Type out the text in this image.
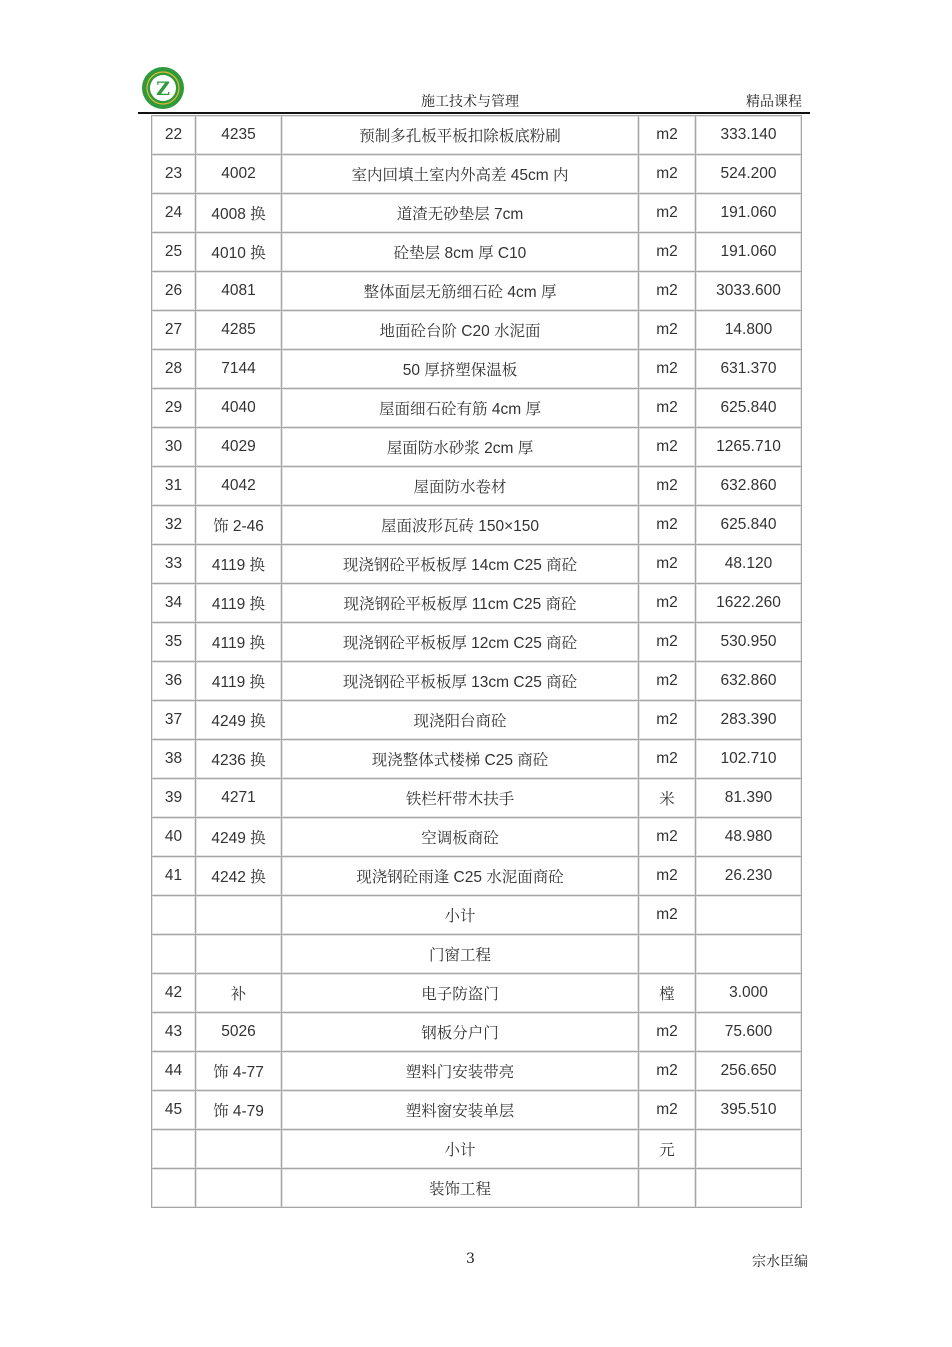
Z
施工技术与管理	精品课程
22	4235	预制多孔板平板扣除板底粉刷	m2	333.140
23	4002	室内回填土室内外高差 45cm 内	m2	524.200
24	4008 换	道渣无砂垫层 7cm	m2	191.060
25	4010 换	砼垫层 8cm 厚 C10	m2	191.060
26	4081	整体面层无筋细石砼 4cm 厚	m2	3033.600
27	4285	地面砼台阶 C20 水泥面	m2	14.800
28	7144	50 厚挤塑保温板	m2	631.370
29	4040	屋面细石砼有筋 4cm 厚	m2	625.840
30	4029	屋面防水砂浆 2cm 厚	m2	1265.710
31	4042	屋面防水卷材	m2	632.860
32	饰 2-46	屋面波形瓦砖 150×150	m2	625.840
33	4119 换	现浇钢砼平板板厚 14cm C25 商砼	m2	48.120
34	4119 换	现浇钢砼平板板厚 11cm C25 商砼	m2	1622.260
35	4119 换	现浇钢砼平板板厚 12cm C25 商砼	m2	530.950
36	4119 换	现浇钢砼平板板厚 13cm C25 商砼	m2	632.860
37	4249 换	现浇阳台商砼	m2	283.390
38	4236 换	现浇整体式楼梯 C25 商砼	m2	102.710
39	4271	铁栏杆带木扶手	米	81.390
40	4249 换	空调板商砼	m2	48.980
41	4242 换	现浇钢砼雨逢 C25 水泥面商砼	m2	26.230
		小计	m2	
		门窗工程		
42	补	电子防盗门	樘	3.000
43	5026	钢板分户门	m2	75.600
44	饰 4-77	塑料门安装带亮	m2	256.650
45	饰 4-79	塑料窗安装单层	m2	395.510
		小计	元	
		装饰工程		
3	宗水臣编
